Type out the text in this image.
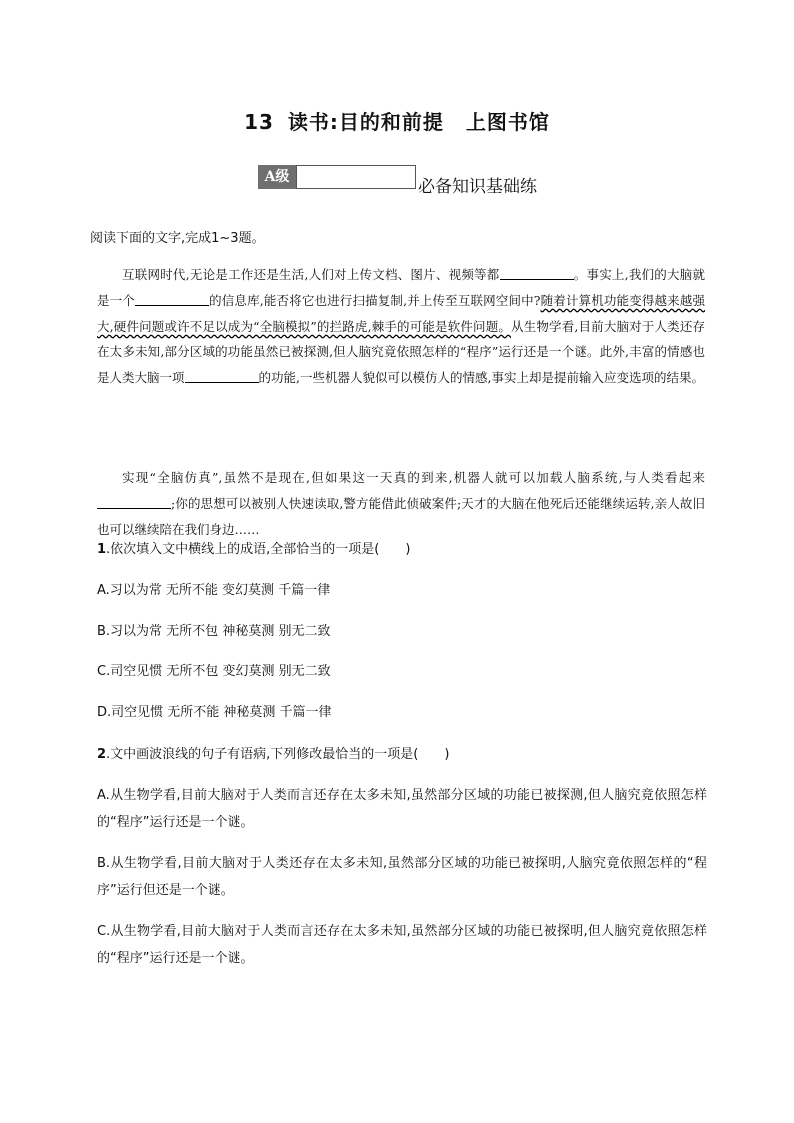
13 读书:目的和前提 上图书馆
A级	必备知识基础练
阅读下面的文字,完成1~3题。

互联网时代,无论是工作还是生活,人们对上传文档、图片、视频等都	。事实上,我们的大脑就是一个	的信息库,能否将它也进行扫描复制,并上传至互联网空间中?随着计算机功能变得越来越强大,硬件问题或许不足以成为“全脑模拟”的拦路虎,棘手的可能是软件问题。从生物学看,目前大脑对于人类还存在太多未知,部分区域的功能虽然已被探测,但人脑究竟依照怎样的“程序”运行还是一个谜。此外,丰富的情感也是人类大脑一项	的功能,一些机器人貌似可以模仿人的情感,事实上却是提前输入应变选项的结果。

实现“全脑仿真”,虽然不是现在,但如果这一天真的到来,机器人就可以加载人脑系统,与人类看起来;你的思想可以被别人快速读取,警方能借此侦破案件;天才的大脑在他死后还能继续运转,亲人故旧也可以继续陪在我们身边……

1.依次填入文中横线上的成语,全部恰当的一项是(　　)
A.习以为常 无所不能 变幻莫测 千篇一律
B.习以为常 无所不包 神秘莫测 别无二致
C.司空见惯 无所不包 变幻莫测 别无二致
D.司空见惯 无所不能 神秘莫测 千篇一律
2.文中画波浪线的句子有语病,下列修改最恰当的一项是(　　)
A.从生物学看,目前大脑对于人类而言还存在太多未知,虽然部分区域的功能已被探测,但人脑究竟依照怎样的“程序”运行还是一个谜。
B.从生物学看,目前大脑对于人类还存在太多未知,虽然部分区域的功能已被探明,人脑究竟依照怎样的“程序”运行但还是一个谜。
C.从生物学看,目前大脑对于人类而言还存在太多未知,虽然部分区域的功能已被探明,但人脑究竟依照怎样的“程序”运行还是一个谜。
